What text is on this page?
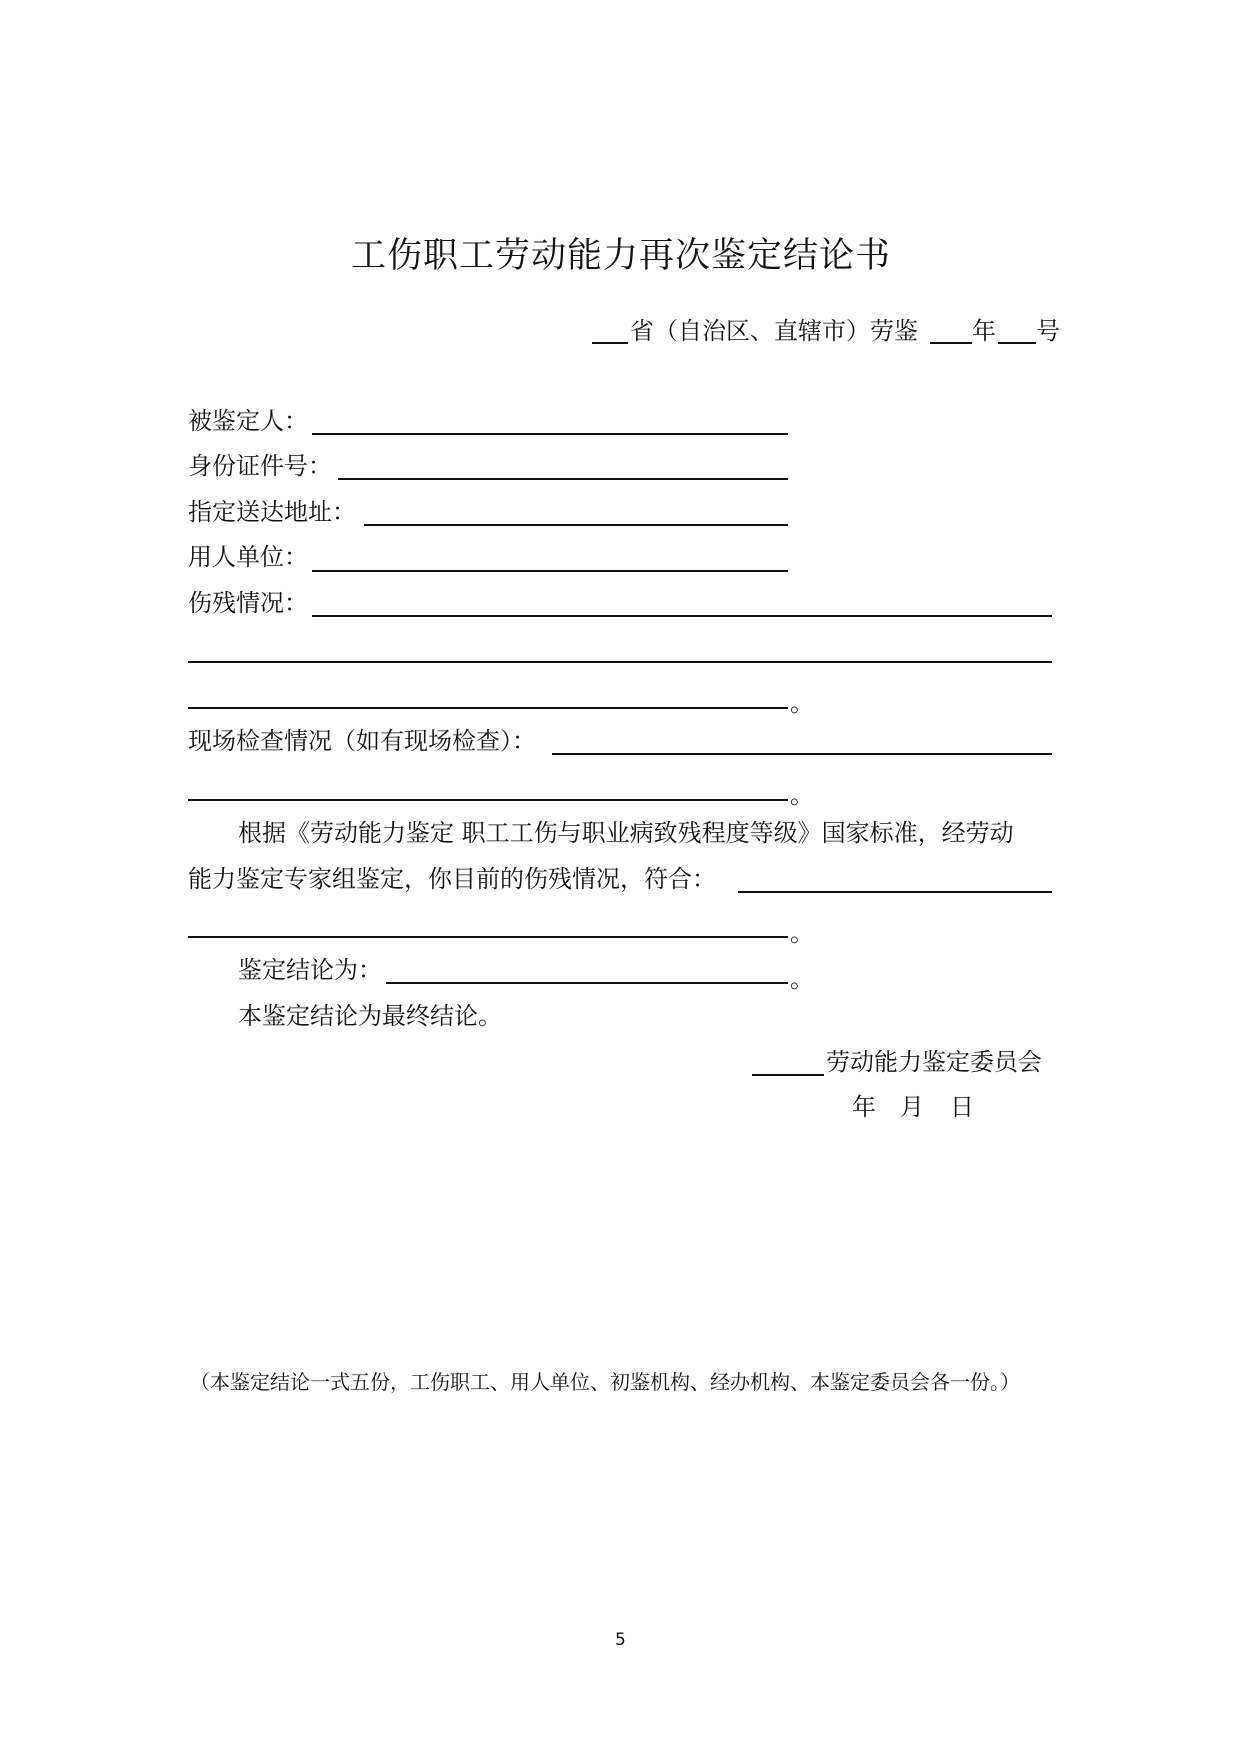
工伤职工劳动能力再次鉴定结论书
省（自治区、直辖市）劳鉴 年 号
被鉴定人：
身份证件号：
指定送达地址：
用人单位：
伤残情况：
。
现场检查情况（如有现场检查）：
。
根据《劳动能力鉴定 职工工伤与职业病致残程度等级》国家标准，经劳动
能力鉴定专家组鉴定，你目前的伤残情况，符合：
。
鉴定结论为：	。
本鉴定结论为最终结论。
劳动能力鉴定委员会
年 月 日
（本鉴定结论一式五份，工伤职工、用人单位、初鉴机构、经办机构、本鉴定委员会各一份。）
5
